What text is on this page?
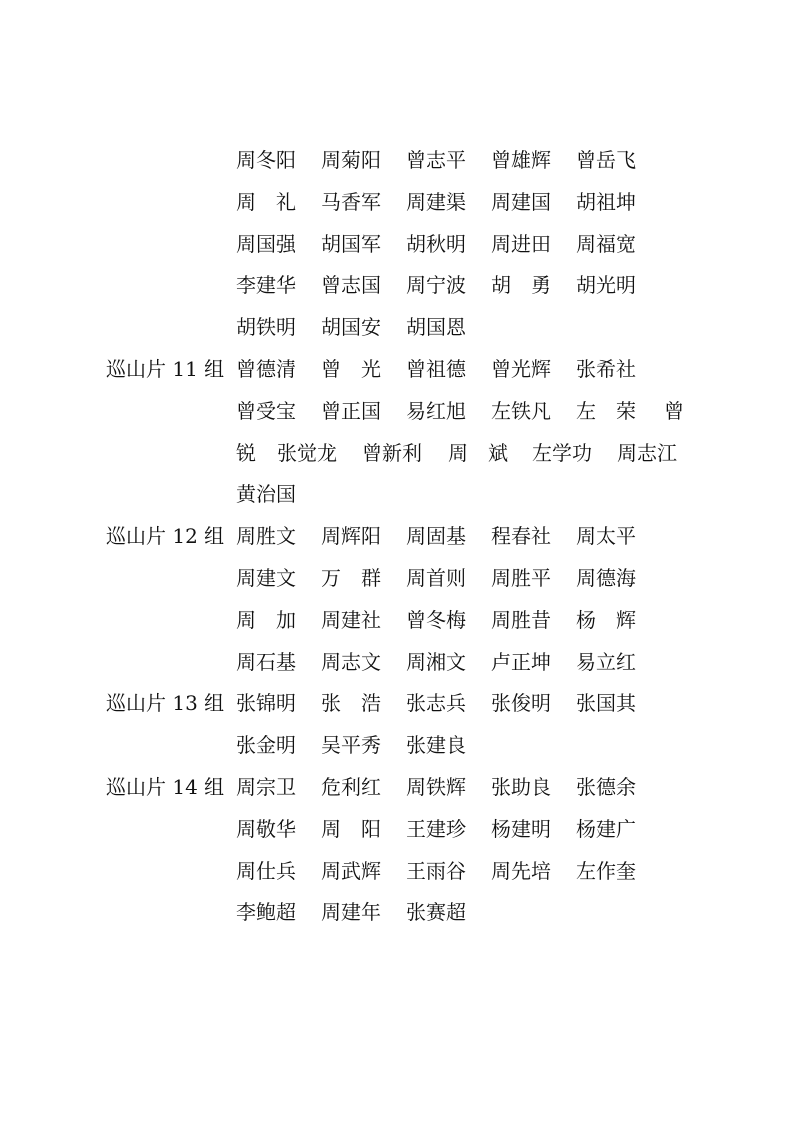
周冬阳 周菊阳 曾志平 曾雄辉 曾岳飞
周　礼 马香军 周建渠 周建国 胡祖坤
周国强 胡国军 胡秋明 周进田 周福宽
李建华 曾志国 周宁波 胡　勇 胡光明
胡铁明 胡国安 胡国恩
巡山片 11 组 曾德清 曾　光 曾祖德 曾光辉 张希社
曾受宝 曾正国 易红旭 左铁凡 左　荣 曾
锐 张觉龙 曾新利 周　斌 左学功 周志江
黄治国
巡山片 12 组 周胜文 周辉阳 周固基 程春社 周太平
周建文 万　群 周首则 周胜平 周德海
周　加 周建社 曾冬梅 周胜昔 杨　辉
周石基 周志文 周湘文 卢正坤 易立红
巡山片 13 组 张锦明 张　浩 张志兵 张俊明 张国其
张金明 吴平秀 张建良
巡山片 14 组 周宗卫 危利红 周铁辉 张助良 张德余
周敬华 周　阳 王建珍 杨建明 杨建广
周仕兵 周武辉 王雨谷 周先培 左作奎
李鲍超 周建年 张赛超
